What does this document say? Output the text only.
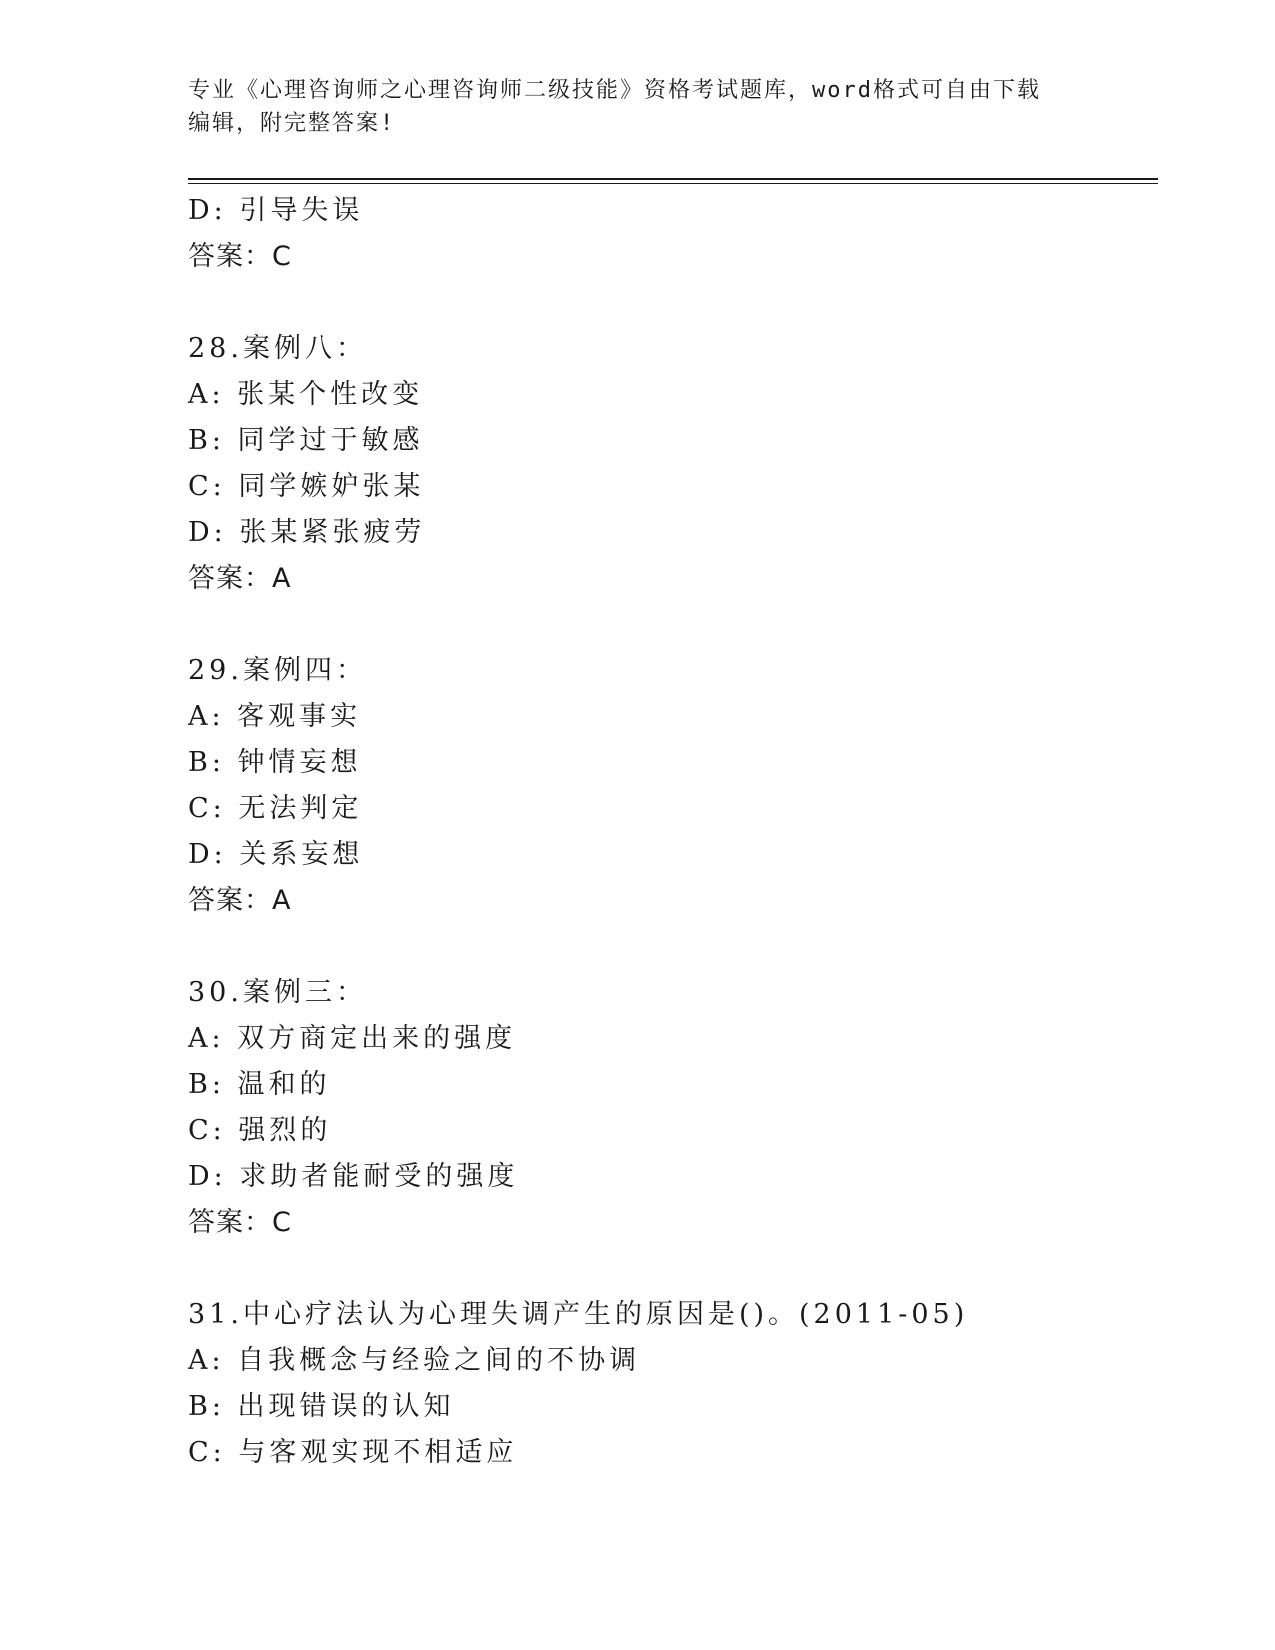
专业《心理咨询师之心理咨询师二级技能》资格考试题库，word格式可自由下载
编辑，附完整答案!
D: 引导失误
答案：C
28.案例八：
A: 张某个性改变
B: 同学过于敏感
C: 同学嫉妒张某
D: 张某紧张疲劳
答案：A
29.案例四：
A: 客观事实
B: 钟情妄想
C: 无法判定
D: 关系妄想
答案：A
30.案例三：
A: 双方商定出来的强度
B: 温和的
C: 强烈的
D: 求助者能耐受的强度
答案：C
31.中心疗法认为心理失调产生的原因是()。(2011-05)
A: 自我概念与经验之间的不协调
B: 出现错误的认知
C: 与客观实现不相适应
